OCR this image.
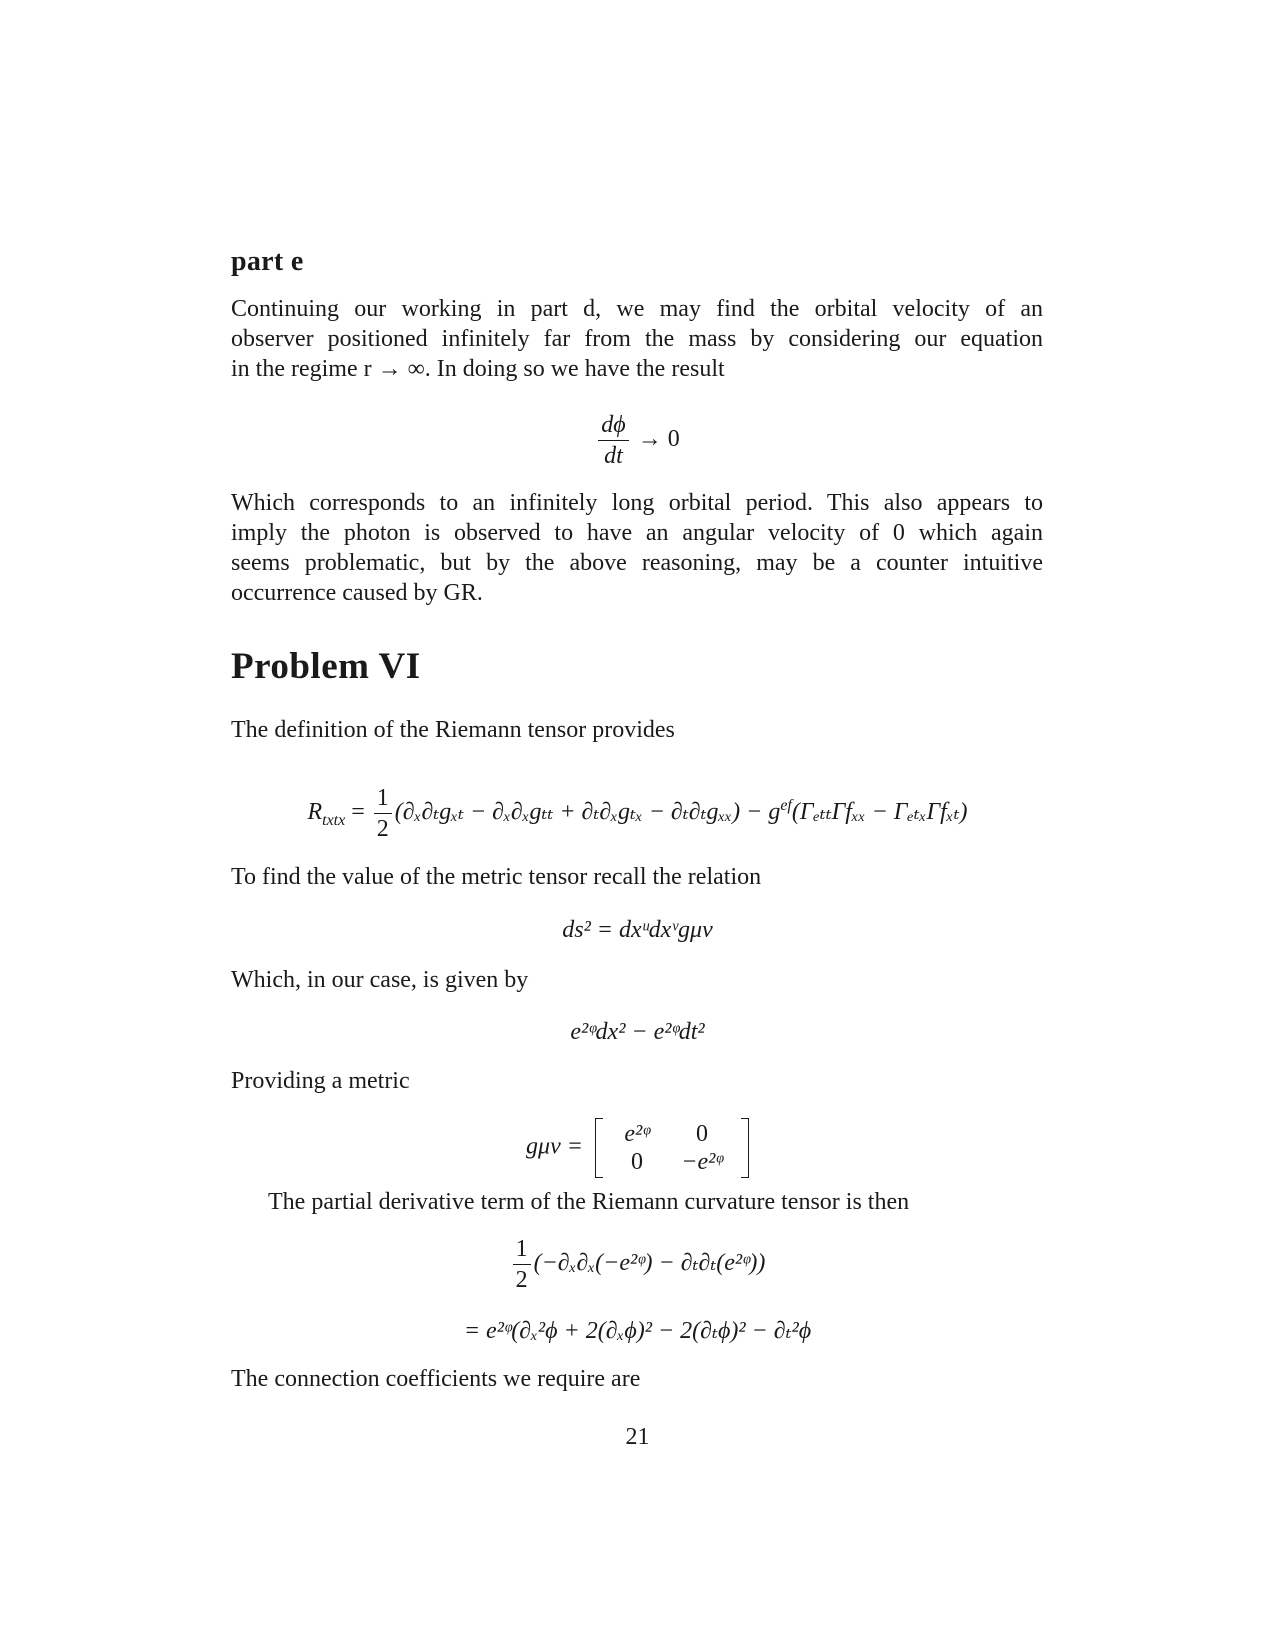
part e
Continuing our working in part d, we may find the orbital velocity of an
observer positioned infinitely far from the mass by considering our equation
in the regime r → ∞. In doing so we have the result
$\frac{d\phi}{dt} \to 0$
Which corresponds to an infinitely long orbital period. This also appears to
imply the photon is observed to have an angular velocity of 0 which again
seems problematic, but by the above reasoning, may be a counter intuitive
occurrence caused by GR.
Problem VI
The definition of the Riemann tensor provides
$R_{txtx} = \frac{1}{2} (\partial_x\partial_tg_{xt} - \partial_x\partial_xg_{tt} + \partial_t\partial_xg_{tx} - \partial_t\partial_tg_{xx}) - g^{ef}(\Gamma_{ett}\Gamma f_{xx} - \Gamma_{etx}\Gamma f_{xt})$
To find the value of the metric tensor recall the relation
ds² = dxᵘdxᵛgμν
Which, in our case, is given by
e²ᵠdx² − e²ᵠdt²
Providing a metric
gμν =	e²ᵠ	0
0	−e²ᵠ
The partial derivative term of the Riemann curvature tensor is then
$\frac{1}{2}$ (−∂ₓ∂ₓ(−e²ᵠ) − ∂ₜ∂ₜ(e²ᵠ))
= e²ᵠ(∂ₓ²ϕ + 2(∂ₓϕ)² − 2(∂ₜϕ)² − ∂ₜ²ϕ
The connection coefficients we require are
21
